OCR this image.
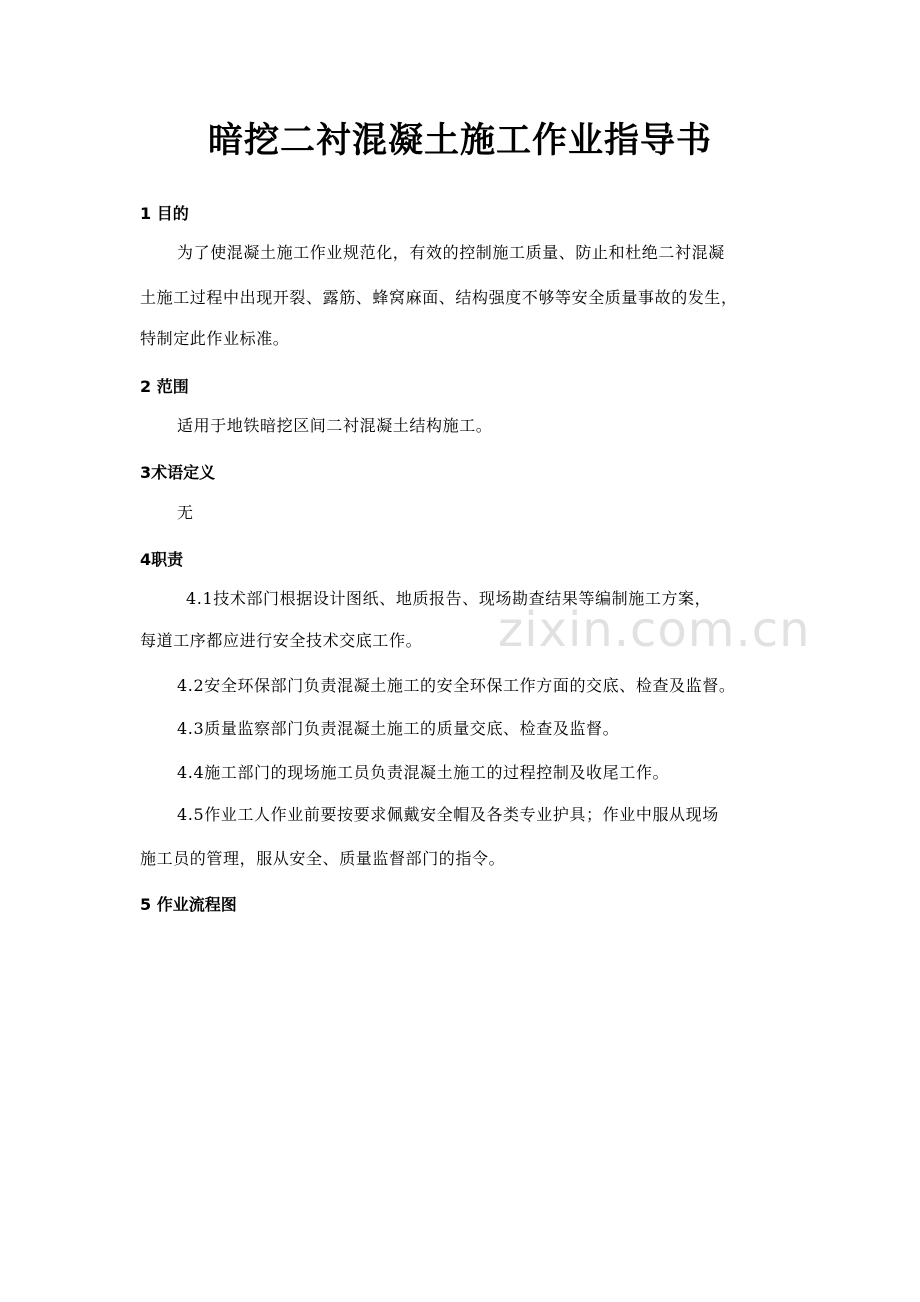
暗挖二衬混凝土施工作业指导书
1 目的
为了使混凝土施工作业规范化，有效的控制施工质量、防止和杜绝二衬混凝
土施工过程中出现开裂、露筋、蜂窝麻面、结构强度不够等安全质量事故的发生，
特制定此作业标准。
2 范围
适用于地铁暗挖区间二衬混凝土结构施工。
3术语定义
无
4职责
4.1技术部门根据设计图纸、地质报告、现场勘查结果等编制施工方案，
每道工序都应进行安全技术交底工作。
4.2安全环保部门负责混凝土施工的安全环保工作方面的交底、检查及监督。
4.3质量监察部门负责混凝土施工的质量交底、检查及监督。
4.4施工部门的现场施工员负责混凝土施工的过程控制及收尾工作。
4.5作业工人作业前要按要求佩戴安全帽及各类专业护具；作业中服从现场
施工员的管理，服从安全、质量监督部门的指令。
5 作业流程图
zixin.com.cn
